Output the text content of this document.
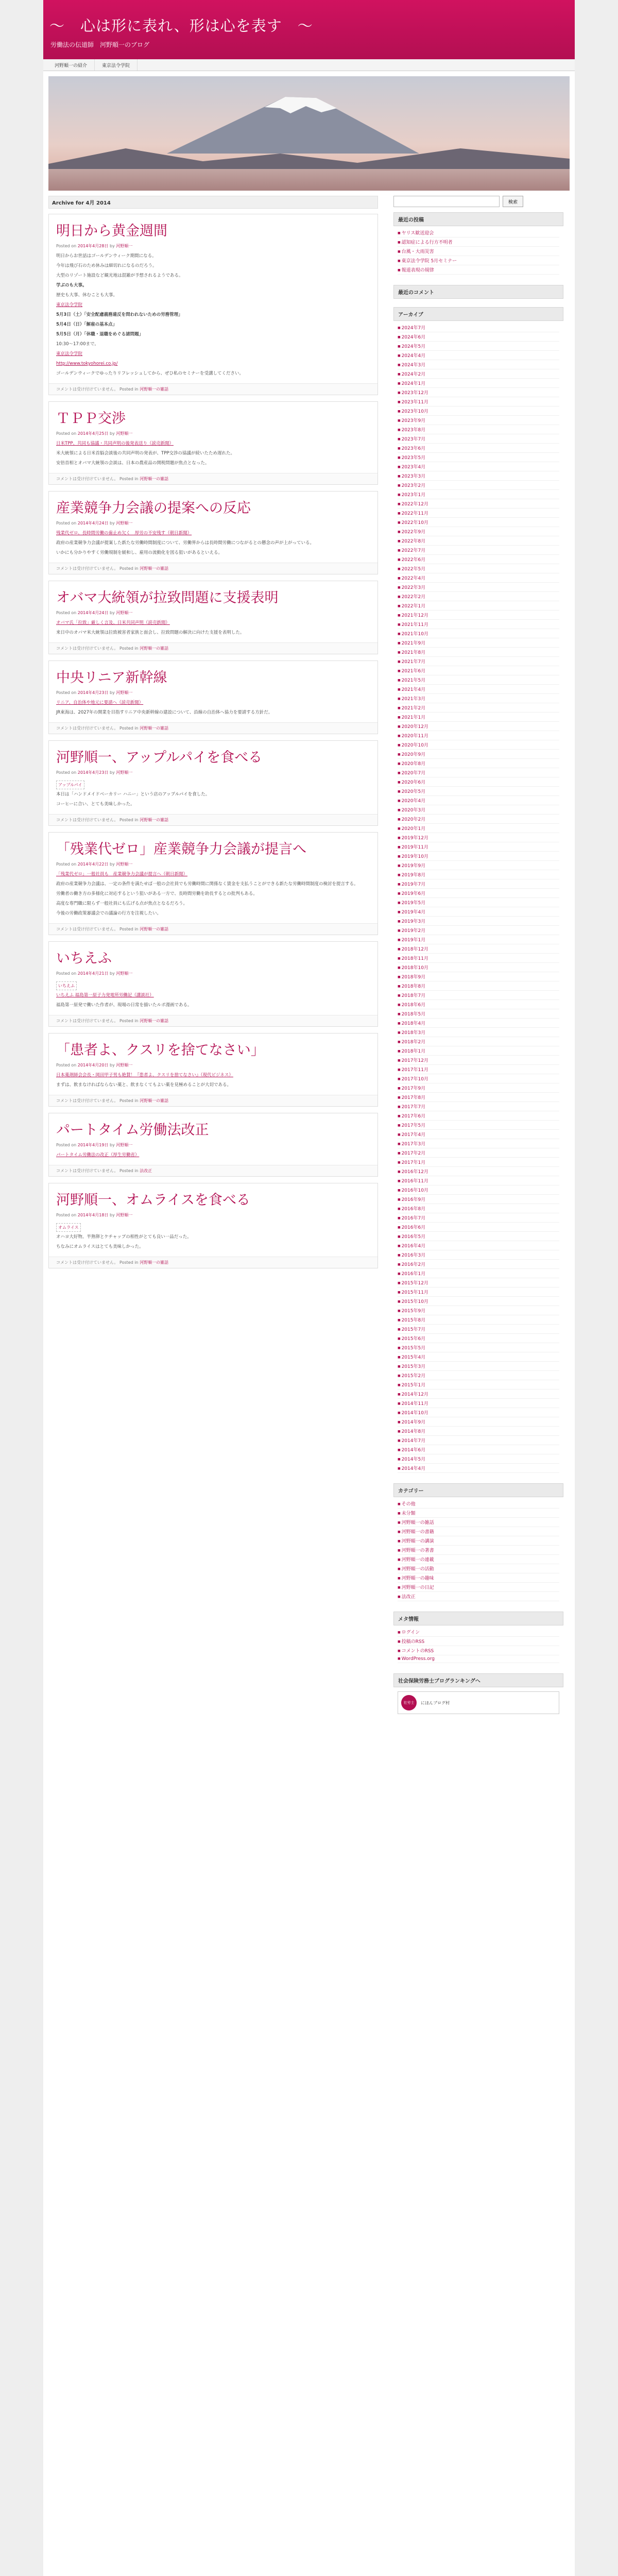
〜　心は形に表れ、形は心を表す　〜
労働法の伝道師　河野順一のブログ
河野順一の紹介	東京法令学院
Archive for 4月 2014
明日から黄金週間
Posted on 2014年4月28日 by 河野順一

明日からお世話はゴールデンウィーク期間になる。

今年は飛び石のため休みは細切れになるのだろう。

大型のリゾート施設など観光地は混雑が予想されるようである。

学ぶのも大事。

歴史も大事、休むことも大事。

東京法令学院

5月3日（土）「安全配慮義務違反を問われないための労務管理」

5月4日（日）「解雇の基本点」

5月5日（月）「休職・退職をめぐる諸問題」

10:30〜17:00まで。

東京法令学院

http://www.tokyohorei.co.jp/

ゴールデンウィークでゆったりリフレッシュしてから、ぜひ私のセミナーを受講してください。

コメントは受け付けていません。 Posted in 河野順一の雑話
ＴＰＰ交渉
Posted on 2014年4月25日 by 河野順一

日米TPP、共同も協議・共同声明の後発表送り（読売新聞）

米大統領による日米首脳会談後の共同声明の発表が、TPP交渉の協議が続いたため遅れた。

安倍首相とオバマ大統領の会談は、日本の農産品の関税問題が焦点となった。

コメントは受け付けていません。 Posted in 河野順一の雑話
産業競争力会議の提案への反応
Posted on 2014年4月24日 by 河野順一

残業代ゼロ、長時間労働の歯止め欠く　厚労の不安残す（朝日新聞）

政府の産業競争力会議が提案した新たな労働時間制度について、労働界からは長時間労働につながるとの懸念の声が上がっている。

いかにも分かりやすく労働規制を緩和し、雇用の流動化を図る狙いがあるといえる。

コメントは受け付けていません。 Posted in 河野順一の雑話
オバマ大統領が拉致問題に支援表明
Posted on 2014年4月24日 by 河野順一

オバマ氏「拉致」厳しく言及、日米共同声明（読売新聞）

来日中のオバマ米大統領は拉致被害者家族と面会し、拉致問題の解決に向けた支援を表明した。

コメントは受け付けていません。 Posted in 河野順一の雑話
中央リニア新幹線
Posted on 2014年4月23日 by 河野順一

リニア、自治体や地元に要請へ（読売新聞）

JR東海は、2027年の開業を目指すリニア中央新幹線の建設について、沿線の自治体へ協力を要請する方針だ。

コメントは受け付けていません。 Posted in 河野順一の雑話
河野順一、アップルパイを食べる
Posted on 2014年4月23日 by 河野順一
アップルパイ

本日は「ハンドメイドベーカリー ハニー」という店のアップルパイを食した。

コーヒーに合い、とても美味しかった。

コメントは受け付けていません。 Posted in 河野順一の雑話
「残業代ゼロ」産業競争力会議が提言へ
Posted on 2014年4月22日 by 河野順一

「残業代ゼロ」一般社員も　産業競争力会議が提言へ（朝日新聞）

政府の産業競争力会議は、一定の条件を満たせば一般の会社員でも労働時間に関係なく賃金を支払うことができる新たな労働時間制度の検討を提言する。

労働者の働き方の多様化に対応するという狙いがある一方で、長時間労働を助長するとの批判もある。

高度な専門職に限らず一般社員にも広げる点が焦点となるだろう。

今後の労働政策審議会での議論の行方を注視したい。

コメントは受け付けていません。 Posted in 河野順一の雑話
いちえふ
Posted on 2014年4月21日 by 河野順一
いちえふ

いちえふ 福島第一原子力発電所労働記（講談社）

福島第一原発で働いた作者が、現場の日常を描いたルポ漫画である。

コメントは受け付けていません。 Posted in 河野順一の雑話
「患者よ、クスリを捨てなさい」
Posted on 2014年4月20日 by 河野順一

日本薬剤師会会長・岡田甲子男も絶賛！『患者よ、クスリを捨てなさい』（現代ビジネス）

まずは、飲まなければならない薬と、飲まなくてもよい薬を見極めることが大切である。

コメントは受け付けていません。 Posted in 河野順一の雑話
パートタイム労働法改正
Posted on 2014年4月19日 by 河野順一

パートタイム労働法の改正（厚生労働省）

コメントは受け付けていません。 Posted in 法改正
河野順一、オムライスを食べる
Posted on 2014年4月18日 by 河野順一
オムライス

オハヨ大好物。半熟卵とケチャップの相性がとても良い一品だった。

ちなみにオムライスはとても美味しかった。

コメントは受け付けていません。 Posted in 河野順一の雑話
検索
最近の投稿
■ ヤリス歓送迎会
■ 認知症による行方不明者
■ 台風・大雨災害
■ 東京法令学院 5月セミナー
■ 報道表現の規律
最近のコメント
アーカイブ
■ 2024年7月
■ 2024年6月
■ 2024年5月
■ 2024年4月
■ 2024年3月
■ 2024年2月
■ 2024年1月
■ 2023年12月
■ 2023年11月
■ 2023年10月
■ 2023年9月
■ 2023年8月
■ 2023年7月
■ 2023年6月
■ 2023年5月
■ 2023年4月
■ 2023年3月
■ 2023年2月
■ 2023年1月
■ 2022年12月
■ 2022年11月
■ 2022年10月
■ 2022年9月
■ 2022年8月
■ 2022年7月
■ 2022年6月
■ 2022年5月
■ 2022年4月
■ 2022年3月
■ 2022年2月
■ 2022年1月
■ 2021年12月
■ 2021年11月
■ 2021年10月
■ 2021年9月
■ 2021年8月
■ 2021年7月
■ 2021年6月
■ 2021年5月
■ 2021年4月
■ 2021年3月
■ 2021年2月
■ 2021年1月
■ 2020年12月
■ 2020年11月
■ 2020年10月
■ 2020年9月
■ 2020年8月
■ 2020年7月
■ 2020年6月
■ 2020年5月
■ 2020年4月
■ 2020年3月
■ 2020年2月
■ 2020年1月
■ 2019年12月
■ 2019年11月
■ 2019年10月
■ 2019年9月
■ 2019年8月
■ 2019年7月
■ 2019年6月
■ 2019年5月
■ 2019年4月
■ 2019年3月
■ 2019年2月
■ 2019年1月
■ 2018年12月
■ 2018年11月
■ 2018年10月
■ 2018年9月
■ 2018年8月
■ 2018年7月
■ 2018年6月
■ 2018年5月
■ 2018年4月
■ 2018年3月
■ 2018年2月
■ 2018年1月
■ 2017年12月
■ 2017年11月
■ 2017年10月
■ 2017年9月
■ 2017年8月
■ 2017年7月
■ 2017年6月
■ 2017年5月
■ 2017年4月
■ 2017年3月
■ 2017年2月
■ 2017年1月
■ 2016年12月
■ 2016年11月
■ 2016年10月
■ 2016年9月
■ 2016年8月
■ 2016年7月
■ 2016年6月
■ 2016年5月
■ 2016年4月
■ 2016年3月
■ 2016年2月
■ 2016年1月
■ 2015年12月
■ 2015年11月
■ 2015年10月
■ 2015年9月
■ 2015年8月
■ 2015年7月
■ 2015年6月
■ 2015年5月
■ 2015年4月
■ 2015年3月
■ 2015年2月
■ 2015年1月
■ 2014年12月
■ 2014年11月
■ 2014年10月
■ 2014年9月
■ 2014年8月
■ 2014年7月
■ 2014年6月
■ 2014年5月
■ 2014年4月
カテゴリー
■ その他
■ 未分類
■ 河野順一の雑話
■ 河野順一の書籍
■ 河野順一の講演
■ 河野順一の著書
■ 河野順一の連載
■ 河野順一の活動
■ 河野順一の趣味
■ 河野順一の日記
■ 法改正
メタ情報
■ ログイン
■ 投稿のRSS
■ コメントのRSS
■ WordPress.org
社会保険労務士ブログランキングへ
社労士	にほんブログ村
